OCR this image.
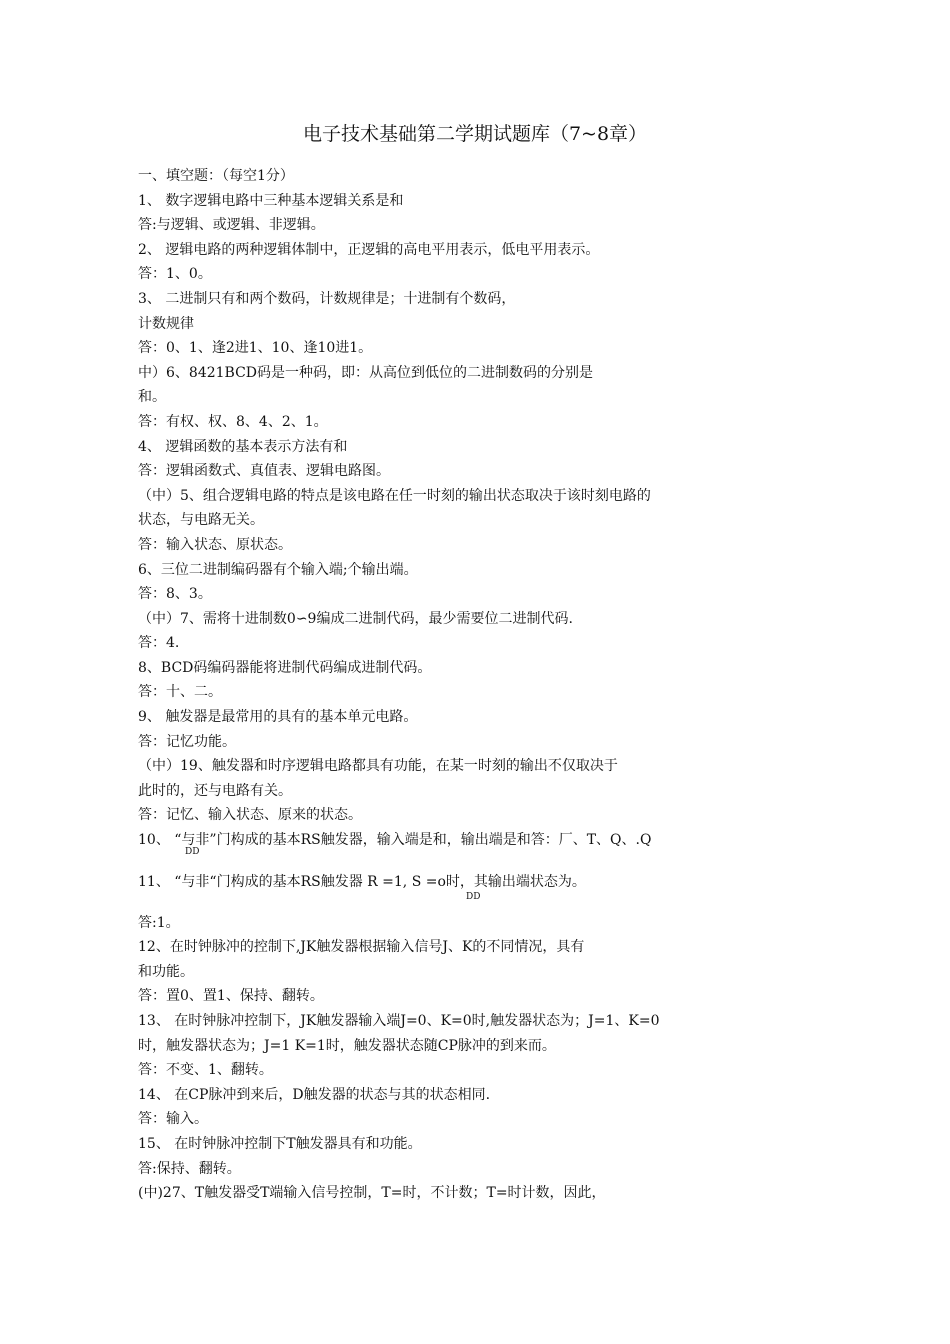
电子技术基础第二学期试题库（7~8章）
一、填空题：（每空1分）
1、 数字逻辑电路中三种基本逻辑关系是和
答:与逻辑、或逻辑、非逻辑。
2、 逻辑电路的两种逻辑体制中，正逻辑的高电平用表示，低电平用表示。
答：1、0。
3、 二进制只有和两个数码，计数规律是；十进制有个数码，
计数规律
答：0、1、逢2进1、10、逢10进1。
中）6、8421BCD码是一种码，即：从高位到低位的二进制数码的分别是
和。
答：有权、权、8、4、2、1。
4、 逻辑函数的基本表示方法有和
答：逻辑函数式、真值表、逻辑电路图。
（中）5、组合逻辑电路的特点是该电路在任一时刻的输出状态取决于该时刻电路的
状态，与电路无关。
答：输入状态、原状态。
6、三位二进制编码器有个输入端;个输出端。
答：8、3。
（中）7、需将十进制数0∽9编成二进制代码，最少需要位二进制代码.
答：4.
8、BCD码编码器能将进制代码编成进制代码。
答：十、二。
9、 触发器是最常用的具有的基本单元电路。
答：记忆功能。
（中）19、触发器和时序逻辑电路都具有功能，在某一时刻的输出不仅取决于
此时的，还与电路有关。
答：记忆、输入状态、原来的状态。
10、 “与非”门构成的基本RS触发器，输入端是和，输出端是和答：厂、T、Q、.Q
DD
11、 “与非“门构成的基本RS触发器 R =1, S =o时，其输出端状态为。
DD
答:1。
12、在时钟脉冲的控制下,JK触发器根据输入信号J、K的不同情况，具有
和功能。
答：置0、置1、保持、翻转。
13、 在时钟脉冲控制下，JK触发器输入端J=0、K=0时,触发器状态为；J=1、K=0
时，触发器状态为；J=1 K=1时，触发器状态随CP脉冲的到来而。
答：不变、1、翻转。
14、 在CP脉冲到来后，D触发器的状态与其的状态相同.
答：输入。
15、 在时钟脉冲控制下T触发器具有和功能。
答:保持、翻转。
(中)27、T触发器受T端输入信号控制，T=时，不计数；T=时计数，因此，
